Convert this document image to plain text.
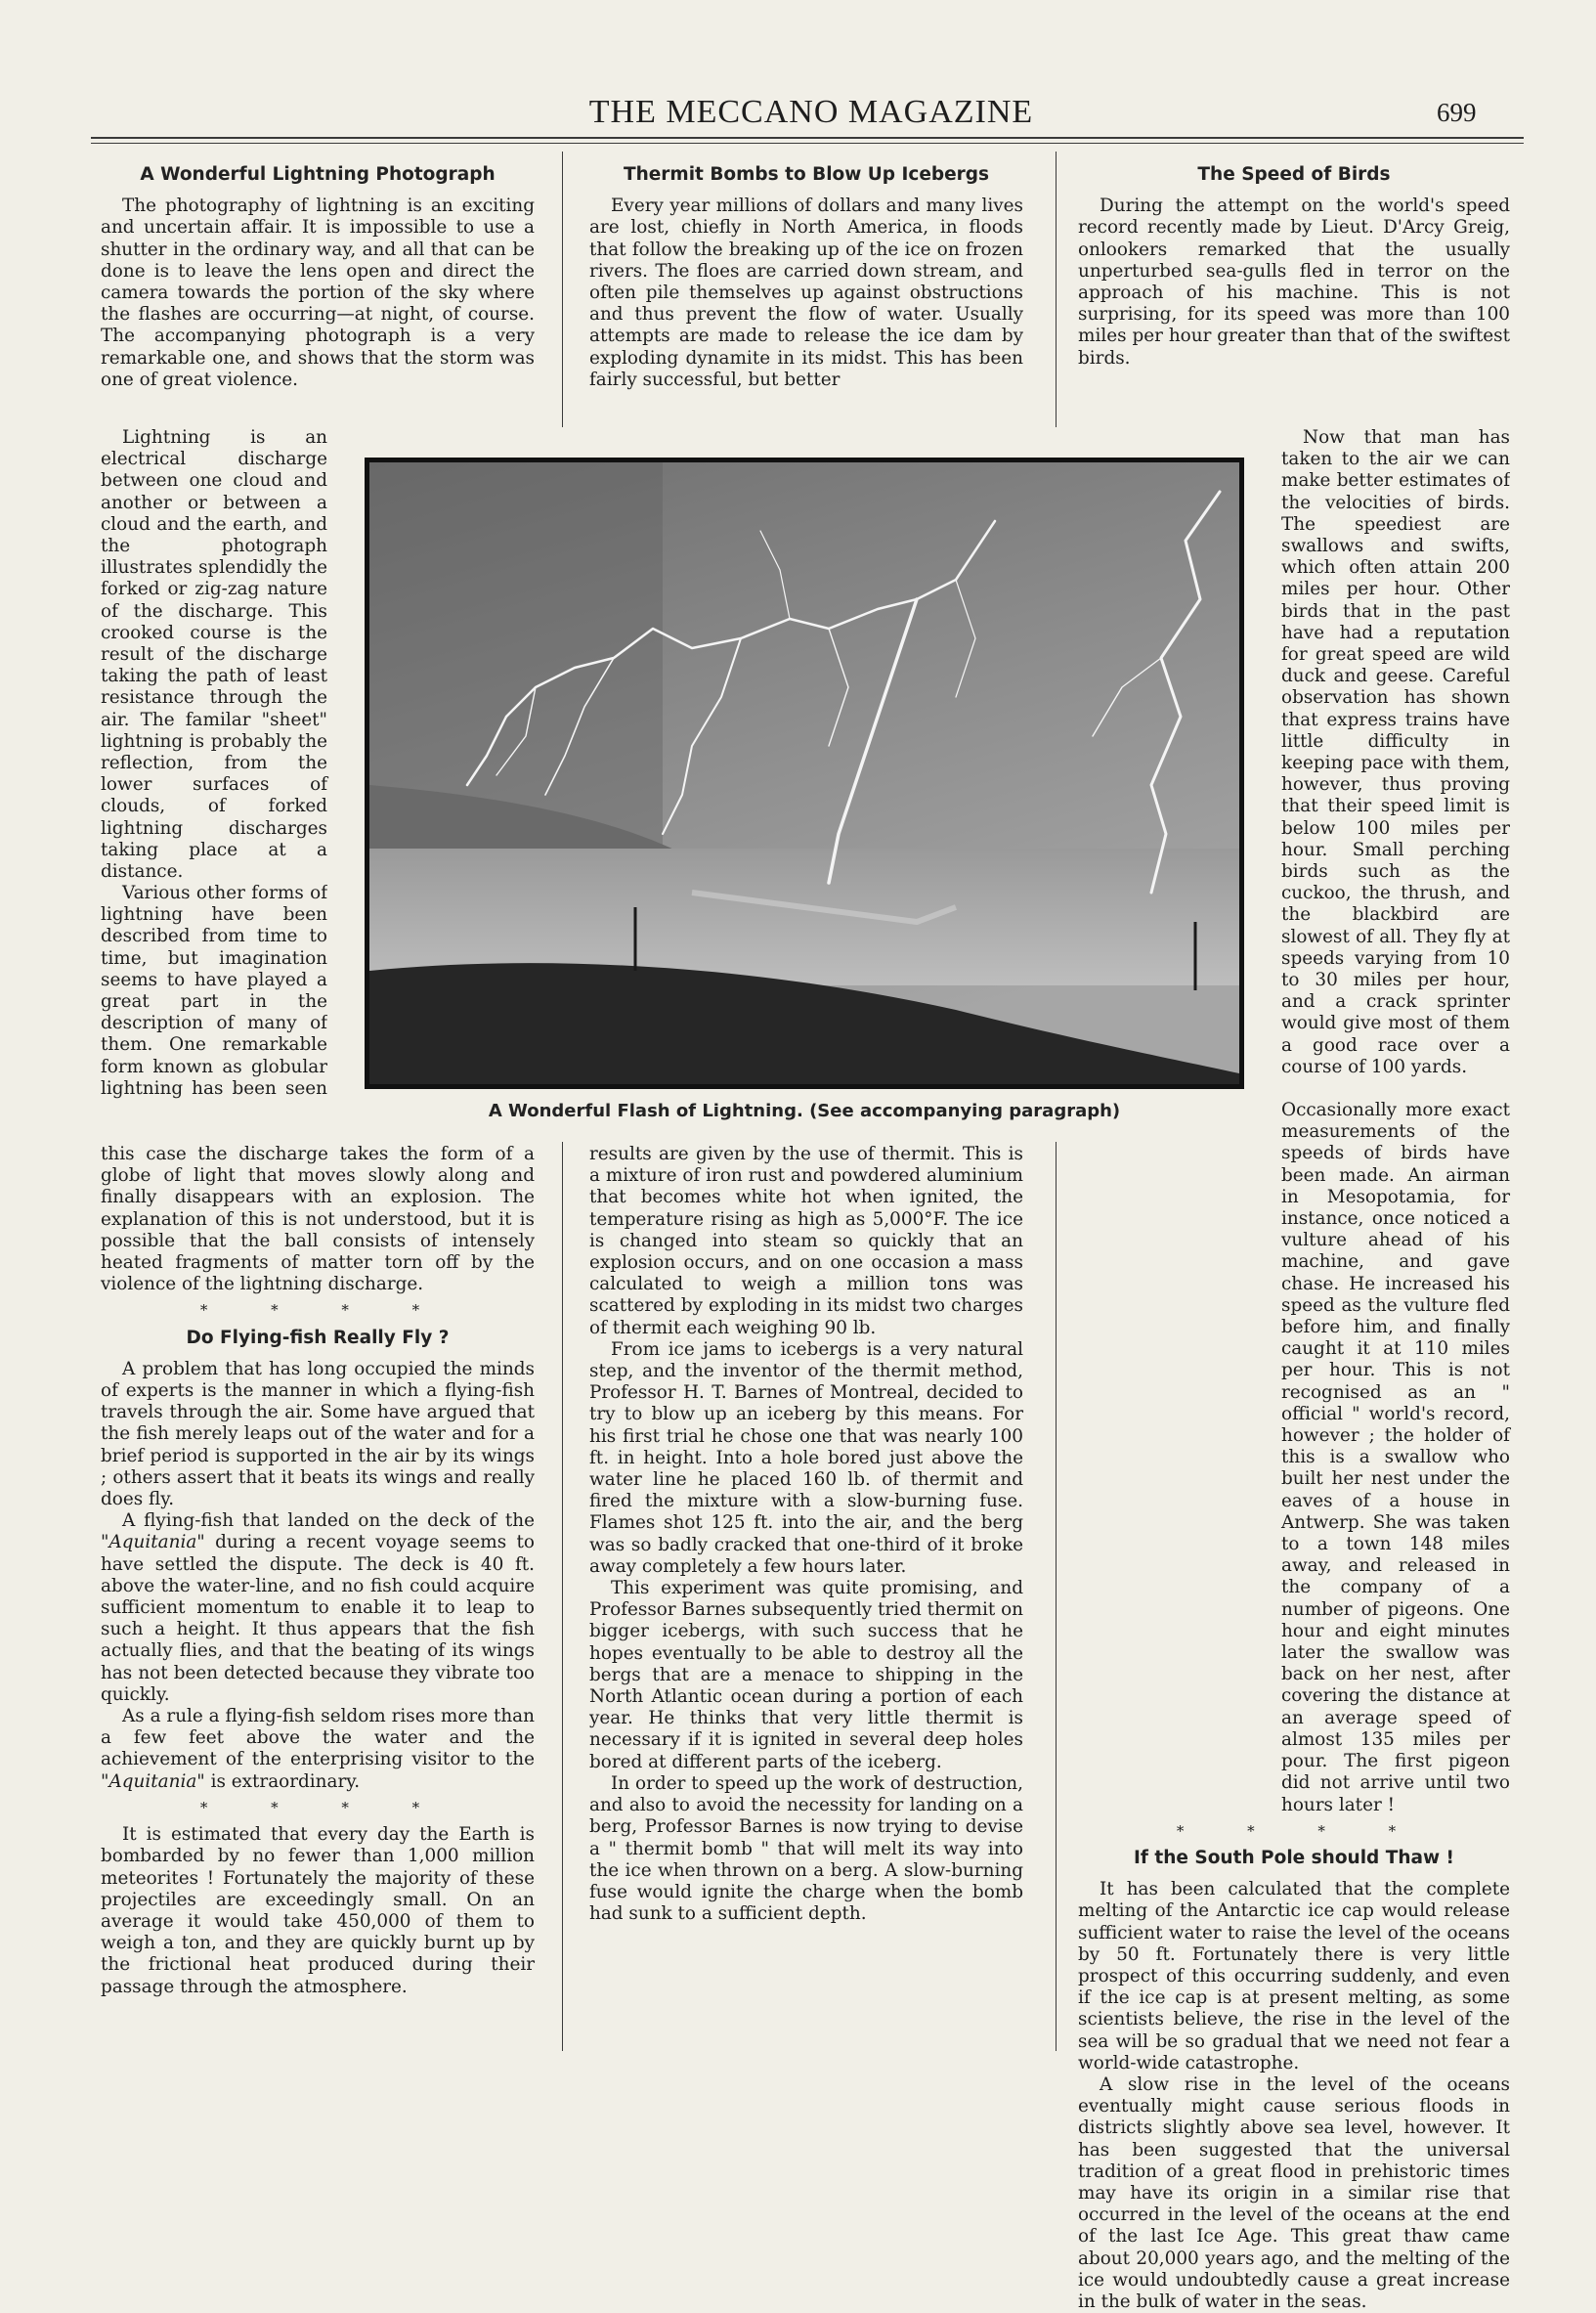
THE MECCANO MAGAZINE	699
A Wonderful Lightning Photograph

The photography of lightning is an exciting and uncertain affair. It is impossible to use a shutter in the ordinary way, and all that can be done is to leave the lens open and direct the camera towards the portion of the sky where the flashes are occurring—at night, of course. The accompanying photograph is a very remarkable one, and shows that the storm was one of great violence.

Lightning is an electrical discharge between one cloud and another or between a cloud and the earth, and the photograph illustrates splendidly the forked or zig-zag nature of the discharge. This crooked course is the result of the discharge taking the path of least resistance through the air. The familar "sheet" lightning is probably the reflection, from the lower surfaces of clouds, of forked lightning discharges taking place at a distance.

Various other forms of lightning have been described from time to time, but imagination seems to have played a great part in the description of many of them. One remarkable form known as globular lightning has been seen

this case the discharge takes the form of a globe of light that moves slowly along and finally disappears with an explosion. The explanation of this is not understood, but it is possible that the ball consists of intensely heated fragments of matter torn off by the violence of the lightning discharge.

* * * *
Do Flying-fish Really Fly ?

A problem that has long occupied the minds of experts is the manner in which a flying-fish travels through the air. Some have argued that the fish merely leaps out of the water and for a brief period is supported in the air by its wings ; others assert that it beats its wings and really does fly.

A flying-fish that landed on the deck of the "Aquitania" during a recent voyage seems to have settled the dispute. The deck is 40 ft. above the water-line, and no fish could acquire sufficient momentum to enable it to leap to such a height. It thus appears that the fish actually flies, and that the beating of its wings has not been detected because they vibrate too quickly.

As a rule a flying-fish seldom rises more than a few feet above the water and the achievement of the enterprising visitor to the "Aquitania" is extraordinary.

* * * *

It is estimated that every day the Earth is bombarded by no fewer than 1,000 million meteorites ! Fortunately the majority of these projectiles are exceedingly small. On an average it would take 450,000 of them to weigh a ton, and they are quickly burnt up by the frictional heat produced during their passage through the atmosphere.

Thermit Bombs to Blow Up Icebergs

Every year millions of dollars and many lives are lost, chiefly in North America, in floods that follow the breaking up of the ice on frozen rivers. The floes are carried down stream, and often pile themselves up against obstructions and thus prevent the flow of water. Usually attempts are made to release the ice dam by exploding dynamite in its midst. This has been fairly successful, but better

results are given by the use of thermit. This is a mixture of iron rust and powdered aluminium that becomes white hot when ignited, the temperature rising as high as 5,000°F. The ice is changed into steam so quickly that an explosion occurs, and on one occasion a mass calculated to weigh a million tons was scattered by exploding in its midst two charges of thermit each weighing 90 lb.

From ice jams to icebergs is a very natural step, and the inventor of the thermit method, Professor H. T. Barnes of Montreal, decided to try to blow up an iceberg by this means. For his first trial he chose one that was nearly 100 ft. in height. Into a hole bored just above the water line he placed 160 lb. of thermit and fired the mixture with a slow-burning fuse. Flames shot 125 ft. into the air, and the berg was so badly cracked that one-third of it broke away completely a few hours later.

This experiment was quite promising, and Professor Barnes subsequently tried thermit on bigger icebergs, with such success that he hopes eventually to be able to destroy all the bergs that are a menace to shipping in the North Atlantic ocean during a portion of each year. He thinks that very little thermit is necessary if it is ignited in several deep holes bored at different parts of the iceberg.

In order to speed up the work of destruction, and also to avoid the necessity for landing on a berg, Professor Barnes is now trying to devise a " thermit bomb " that will melt its way into the ice when thrown on a berg. A slow-burning fuse would ignite the charge when the bomb had sunk to a sufficient depth.

The Speed of Birds

During the attempt on the world's speed record recently made by Lieut. D'Arcy Greig, onlookers remarked that the usually unperturbed sea-gulls fled in terror on the approach of his machine. This is not surprising, for its speed was more than 100 miles per hour greater than that of the swiftest birds.

Now that man has taken to the air we can make better estimates of the velocities of birds. The speediest are swallows and swifts, which often attain 200 miles per hour. Other birds that in the past have had a reputation for great speed are wild duck and geese. Careful observation has shown that express trains have little difficulty in keeping pace with them, however, thus proving that their speed limit is below 100 miles per hour. Small perching birds such as the cuckoo, the thrush, and the blackbird are slowest of all. They fly at speeds varying from 10 to 30 miles per hour, and a crack sprinter would give most of them a good race over a course of 100 yards.

Occasionally more exact measurements of the speeds of birds have been made. An airman in Mesopotamia, for instance, once noticed a vulture ahead of his machine, and gave chase. He increased his speed as the vulture fled before him, and finally caught it at 110 miles per hour. This is not recognised as an " official " world's record, however ; the holder of this is a swallow who built her nest under the eaves of a house in Antwerp. She was taken to a town 148 miles away, and released in the company of a number of pigeons. One hour and eight minutes later the swallow was back on her nest, after covering the distance at an average speed of almost 135 miles per pour. The first pigeon did not arrive until two hours later !

* * * *
If the South Pole should Thaw !

It has been calculated that the complete melting of the Antarctic ice cap would release sufficient water to raise the level of the oceans by 50 ft. Fortunately there is very little prospect of this occurring suddenly, and even if the ice cap is at present melting, as some scientists believe, the rise in the level of the sea will be so gradual that we need not fear a world-wide catastrophe.

A slow rise in the level of the oceans eventually might cause serious floods in districts slightly above sea level, however. It has been suggested that the universal tradition of a great flood in prehistoric times may have its origin in a similar rise that occurred in the level of the oceans at the end of the last Ice Age. This great thaw came about 20,000 years ago, and the melting of the ice would undoubtedly cause a great increase in the bulk of water in the seas.

A Wonderful Flash of Lightning. (See accompanying paragraph)
